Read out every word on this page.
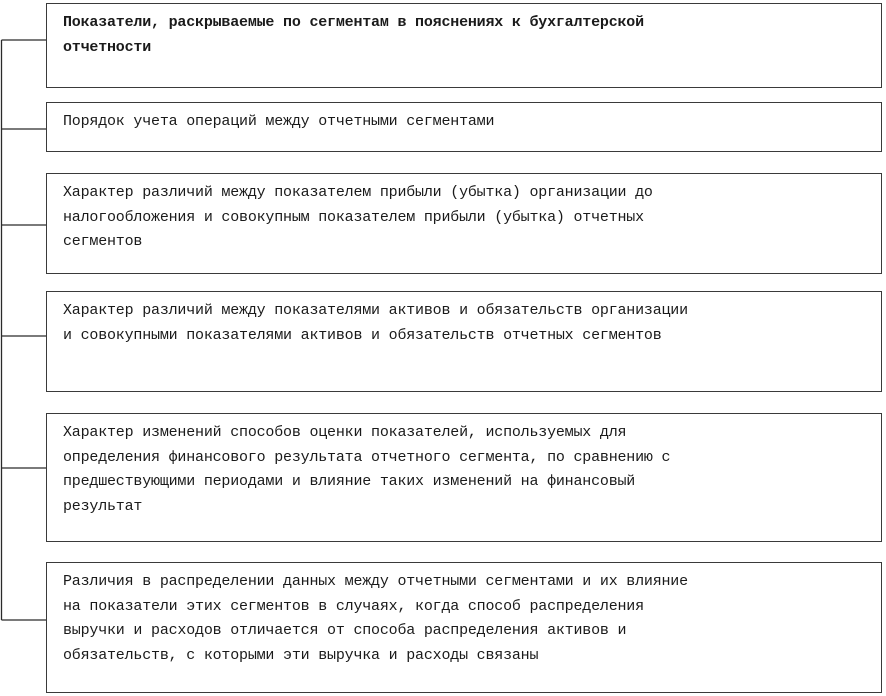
Показатели, раскрываемые по сегментам в пояснениях к бухгалтерской
отчетности
Порядок учета операций между отчетными сегментами
Характер различий между показателем прибыли (убытка) организации до
налогообложения и совокупным показателем прибыли (убытка) отчетных
сегментов
Характер различий между показателями активов и обязательств организации
и совокупными показателями активов и обязательств отчетных сегментов
Характер изменений способов оценки показателей, используемых для
определения финансового результата отчетного сегмента, по сравнению с
предшествующими периодами и влияние таких изменений на финансовый
результат
Различия в распределении данных между отчетными сегментами и их влияние
на показатели этих сегментов в случаях, когда способ распределения
выручки и расходов отличается от способа распределения активов и
обязательств, с которыми эти выручка и расходы связаны
